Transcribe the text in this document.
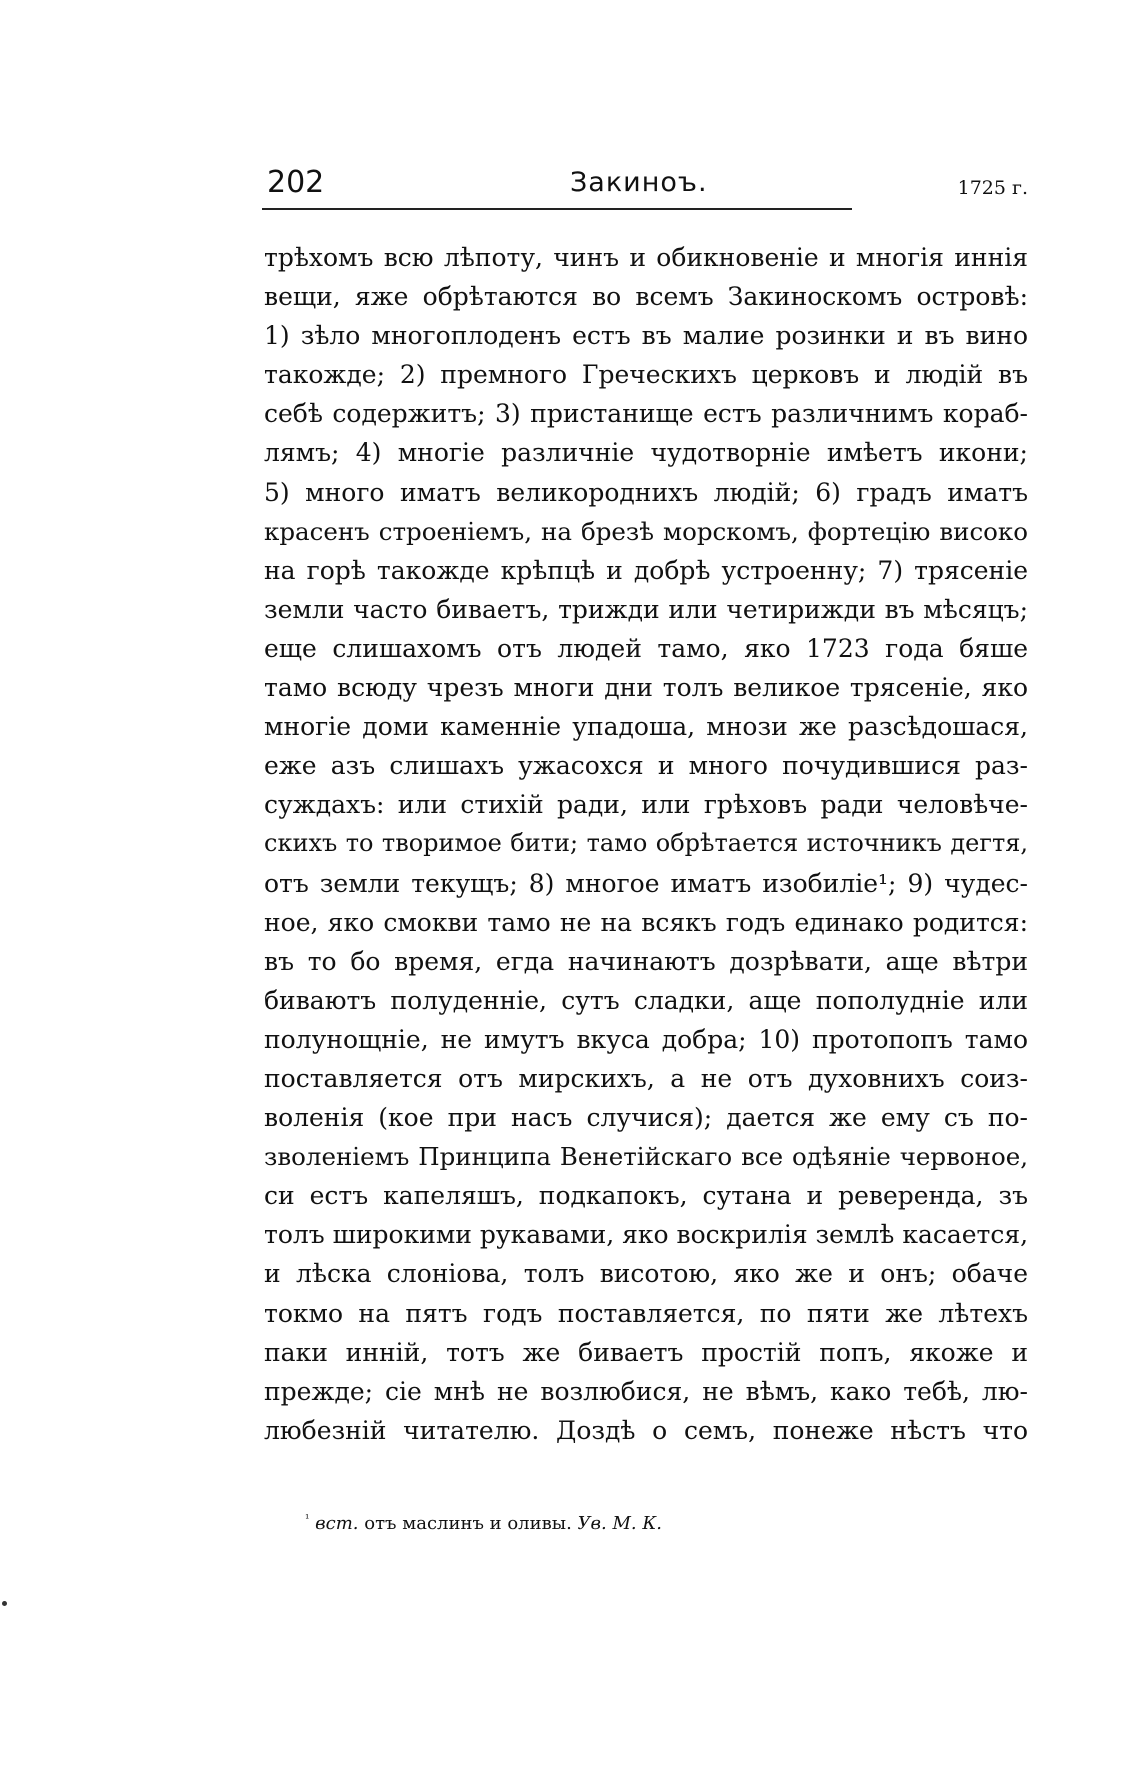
202	Закиноъ.	1725 г.
трѣхомъ всю лѣпоту, чинъ и обикновеніе и многія иннія
вещи, яже обрѣтаются во всемъ Закиноскомъ островѣ:
1) зѣло многоплоденъ естъ въ малие розинки и въ вино
такожде; 2) премного Греческихъ церковъ и людій въ
себѣ содержитъ; 3) пристанище естъ различнимъ кораб-
лямъ; 4) многіе различніе чудотворніе имѣетъ икони;
5) много иматъ великороднихъ людій; 6) градъ иматъ
красенъ строеніемъ, на брезѣ морскомъ, фортецію високо
на горѣ такожде крѣпцѣ и добрѣ устроенну; 7) трясеніе
земли часто биваетъ, трижди или четирижди въ мѣсяцъ;
еще слишахомъ отъ людей тамо, яко 1723 года бяше
тамо всюду чрезъ многи дни толъ великое трясеніе, яко
многіе доми каменніе упадоша, мнози же разсѣдошася,
еже азъ слишахъ ужасохся и много почудившися раз-
суждахъ: или стихій ради, или грѣховъ ради человѣче-
скихъ то творимое бити; тамо обрѣтается источникъ дегтя,
отъ земли текущъ; 8) многое иматъ изобиліе¹; 9) чудес-
ное, яко смокви тамо не на всякъ годъ единако родится:
въ то бо время, егда начинаютъ дозрѣвати, аще вѣтри
биваютъ полуденніе, сутъ сладки, аще пополудніе или
полунощніе, не имутъ вкуса добра; 10) протопопъ тамо
поставляется отъ мирскихъ, а не отъ духовнихъ соиз-
воленія (кое при насъ случися); дается же ему съ по-
зволеніемъ Принципа Венетійскаго все одѣяніе червоное,
си естъ капеляшъ, подкапокъ, сутана и реверенда, зъ
толъ широкими рукавами, яко воскрилія землѣ касается,
и лѣска слоніова, толъ висотою, яко же и онъ; обаче
токмо на пятъ годъ поставляется, по пяти же лѣтехъ
паки иннiй, тотъ же биваетъ простій попъ, якоже и
прежде; сіе мнѣ не возлюбися, не вѣмъ, како тебѣ, лю-
любезній читателю. Доздѣ о семъ, понеже нѣстъ что
$^{^1}$ вст. отъ маслинъ и оливы. Ув. М. К.
